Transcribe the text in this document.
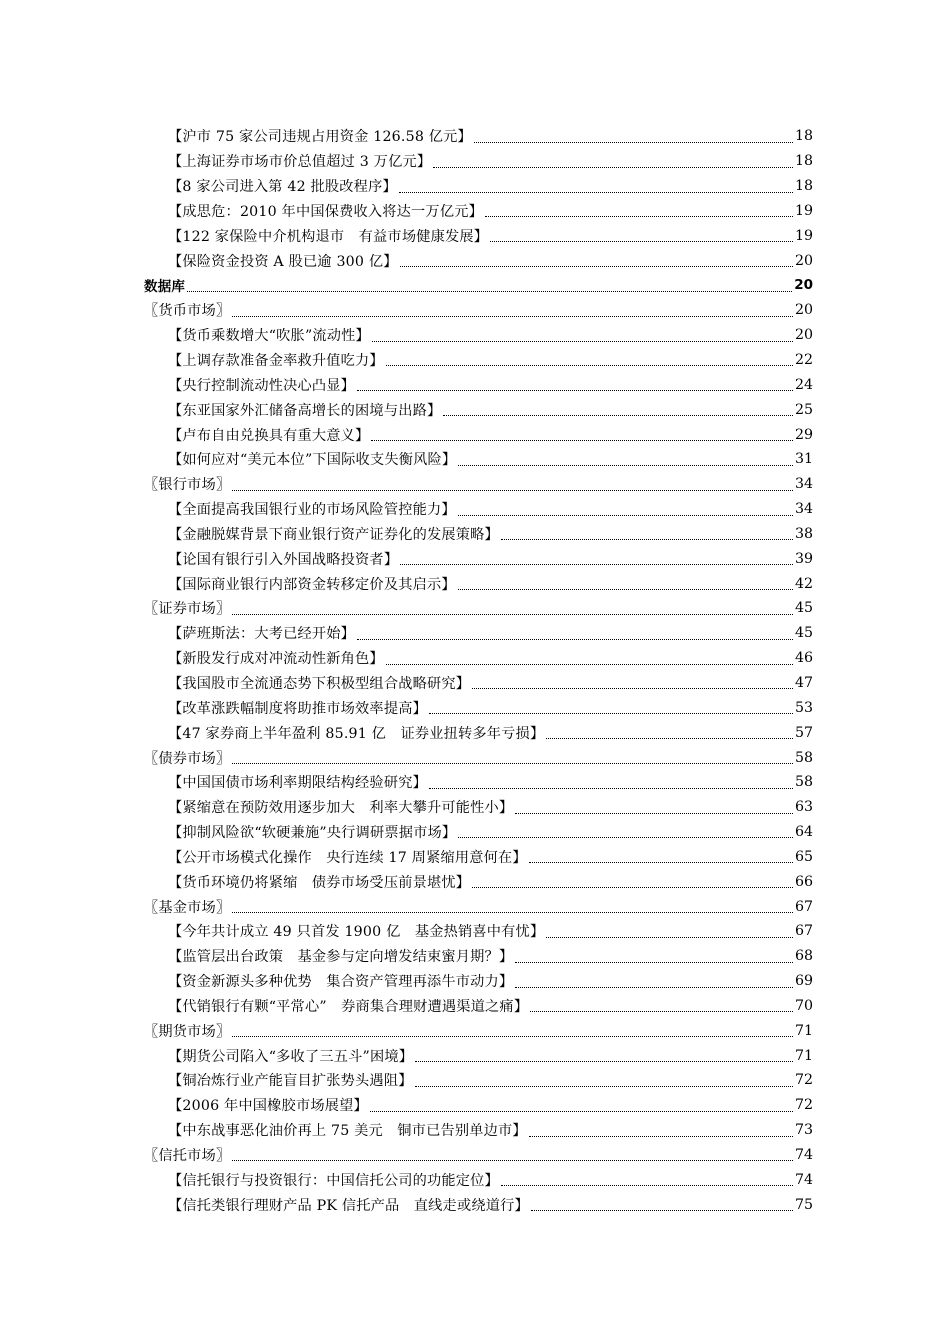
【沪市 75 家公司违规占用资金 126.58 亿元】	18
【上海证券市场市价总值超过 3 万亿元】	18
【8 家公司进入第 42 批股改程序】	18
【成思危：2010 年中国保费收入将达一万亿元】	19
【122 家保险中介机构退市　有益市场健康发展】	19
【保险资金投资 A 股已逾 300 亿】	20
数据库	20
〖货币市场〗	20
【货币乘数增大“吹胀”流动性】	20
【上调存款准备金率救升值吃力】	22
【央行控制流动性决心凸显】	24
【东亚国家外汇储备高增长的困境与出路】	25
【卢布自由兑换具有重大意义】	29
【如何应对“美元本位”下国际收支失衡风险】	31
〖银行市场〗	34
【全面提高我国银行业的市场风险管控能力】	34
【金融脱媒背景下商业银行资产证券化的发展策略】	38
【论国有银行引入外国战略投资者】	39
【国际商业银行内部资金转移定价及其启示】	42
〖证券市场〗	45
【萨班斯法：大考已经开始】	45
【新股发行成对冲流动性新角色】	46
【我国股市全流通态势下积极型组合战略研究】	47
【改革涨跌幅制度将助推市场效率提高】	53
【47 家券商上半年盈利 85.91 亿　证券业扭转多年亏损】	57
〖债券市场〗	58
【中国国债市场利率期限结构经验研究】	58
【紧缩意在预防效用逐步加大　利率大攀升可能性小】	63
【抑制风险欲“软硬兼施”央行调研票据市场】	64
【公开市场模式化操作　央行连续 17 周紧缩用意何在】	65
【货币环境仍将紧缩　债券市场受压前景堪忧】	66
〖基金市场〗	67
【今年共计成立 49 只首发 1900 亿　基金热销喜中有忧】	67
【监管层出台政策　基金参与定向增发结束蜜月期？】	68
【资金新源头多种优势　集合资产管理再添牛市动力】	69
【代销银行有颗“平常心”　券商集合理财遭遇渠道之痛】	70
〖期货市场〗	71
【期货公司陷入“多收了三五斗”困境】	71
【铜冶炼行业产能盲目扩张势头遇阻】	72
【2006 年中国橡胶市场展望】	72
【中东战事恶化油价再上 75 美元　铜市已告别单边市】	73
〖信托市场〗	74
【信托银行与投资银行：中国信托公司的功能定位】	74
【信托类银行理财产品 PK 信托产品　直线走或绕道行】	75
